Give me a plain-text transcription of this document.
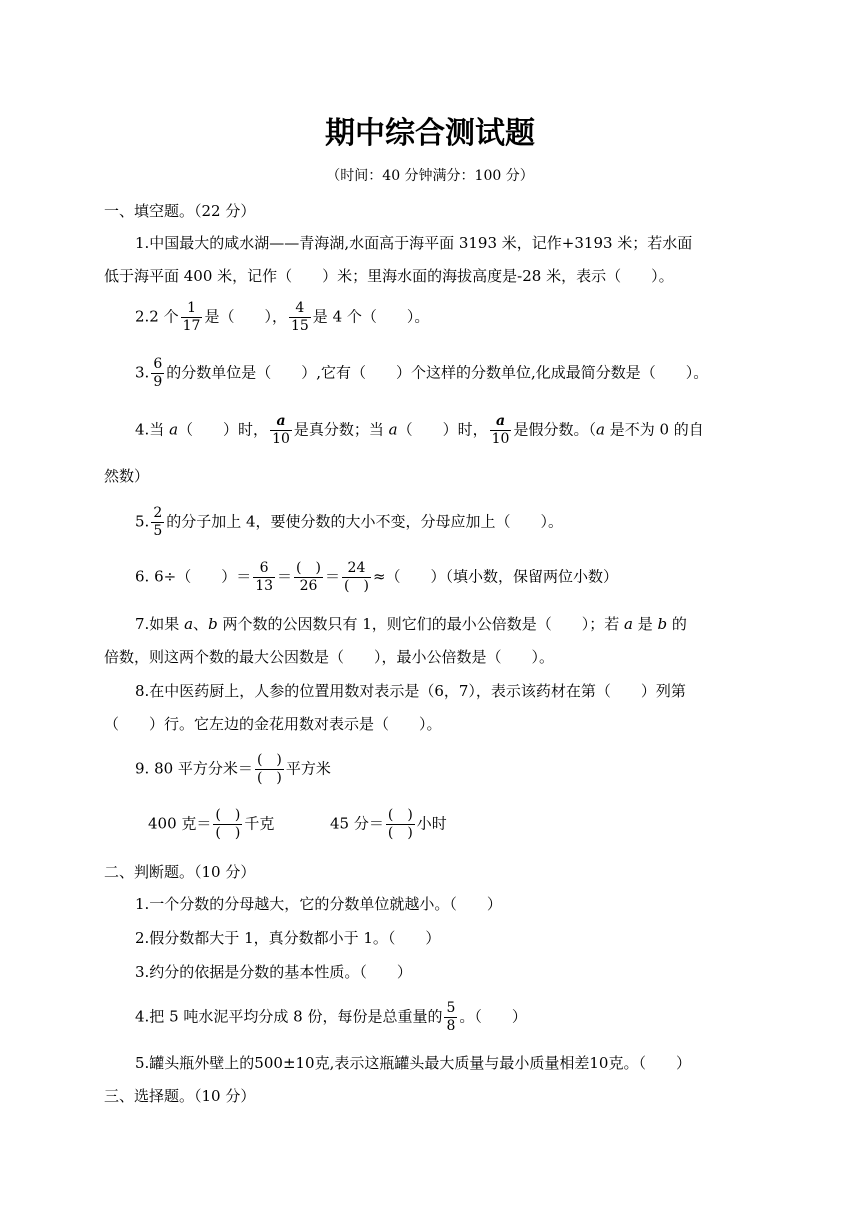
期中综合测试题
（时间：40 分钟满分：100 分）
一、填空题。（22 分）
1.中国最大的咸水湖——青海湖,水面高于海平面 3193 米，记作+3193 米；若水面
低于海平面 400 米，记作（　　）米；里海水面的海拔高度是-28 米，表示（　　）。
2.2 个 $\frac{1}{17}$ 是（　　）， $\frac{4}{15}$ 是 4 个（　　）。
3. $\frac{6}{9}$ 的分数单位是（　　）,它有（　　）个这样的分数单位,化成最简分数是（　　）。
4.当 a（　　）时， $\frac{a}{10}$ 是真分数；当 a（　　）时， $\frac{a}{10}$ 是假分数。（a 是不为 0 的自
然数）
5. $\frac{2}{5}$ 的分子加上 4，要使分数的大小不变，分母应加上（　　）。
6. 6÷（　　）＝ $\frac{6}{13} = \frac{( )}{26} = \frac{24}{( )}$ ≈（　　）（填小数，保留两位小数）
7.如果 a、b 两个数的公因数只有 1，则它们的最小公倍数是（　　）；若 a 是 b 的
倍数，则这两个数的最大公因数是（　　），最小公倍数是（　　）。
8.在中医药厨上，人参的位置用数对表示是（6，7），表示该药材在第（　　）列第
（　　）行。它左边的金花用数对表示是（　　）。
9. 80 平方分米＝ $\frac{( )}{( )}$ 平方米
400 克＝ $\frac{( )}{( )}$ 千克	45 分＝ $\frac{( )}{( )}$ 小时
二、判断题。（10 分）
1.一个分数的分母越大，它的分数单位就越小。（　　）
2.假分数都大于 1，真分数都小于 1。（　　）
3.约分的依据是分数的基本性质。（　　）
4.把 5 吨水泥平均分成 8 份，每份是总重量的 $\frac{5}{8}$ 。（　　）
5.罐头瓶外壁上的500±10克,表示这瓶罐头最大质量与最小质量相差10克。（　　）
三、选择题。（10 分）
